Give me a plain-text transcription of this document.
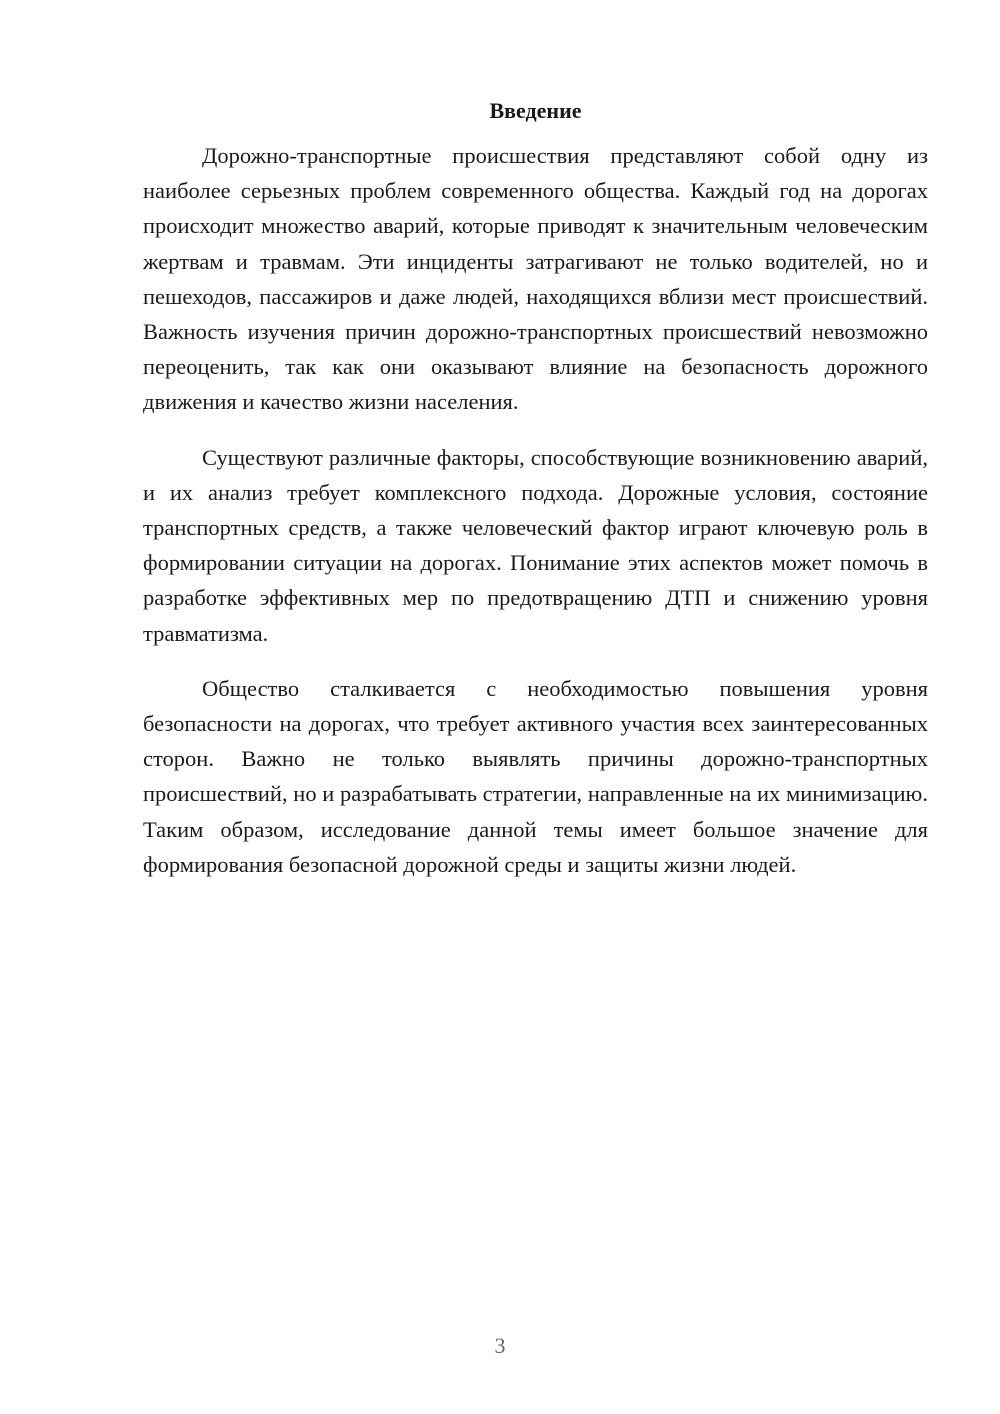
Введение

Дорожно-транспортные происшествия представляют собой одну из наиболее серьезных проблем современного общества. Каждый год на дорогах происходит множество аварий, которые приводят к значительным человеческим жертвам и травмам. Эти инциденты затрагивают не только водителей, но и пешеходов, пассажиров и даже людей, находящихся вблизи мест происшествий. Важность изучения причин дорожно-транспортных происшествий невозможно переоценить, так как они оказывают влияние на безопасность дорожного движения и качество жизни населения.

Существуют различные факторы, способствующие возникновению аварий, и их анализ требует комплексного подхода. Дорожные условия, состояние транспортных средств, а также человеческий фактор играют ключевую роль в формировании ситуации на дорогах. Понимание этих аспектов может помочь в разработке эффективных мер по предотвращению ДТП и снижению уровня травматизма.

Общество сталкивается с необходимостью повышения уровня безопасности на дорогах, что требует активного участия всех заинтересованных сторон. Важно не только выявлять причины дорожно-транспортных происшествий, но и разрабатывать стратегии, направленные на их минимизацию. Таким образом, исследование данной темы имеет большое значение для формирования безопасной дорожной среды и защиты жизни людей.

3
